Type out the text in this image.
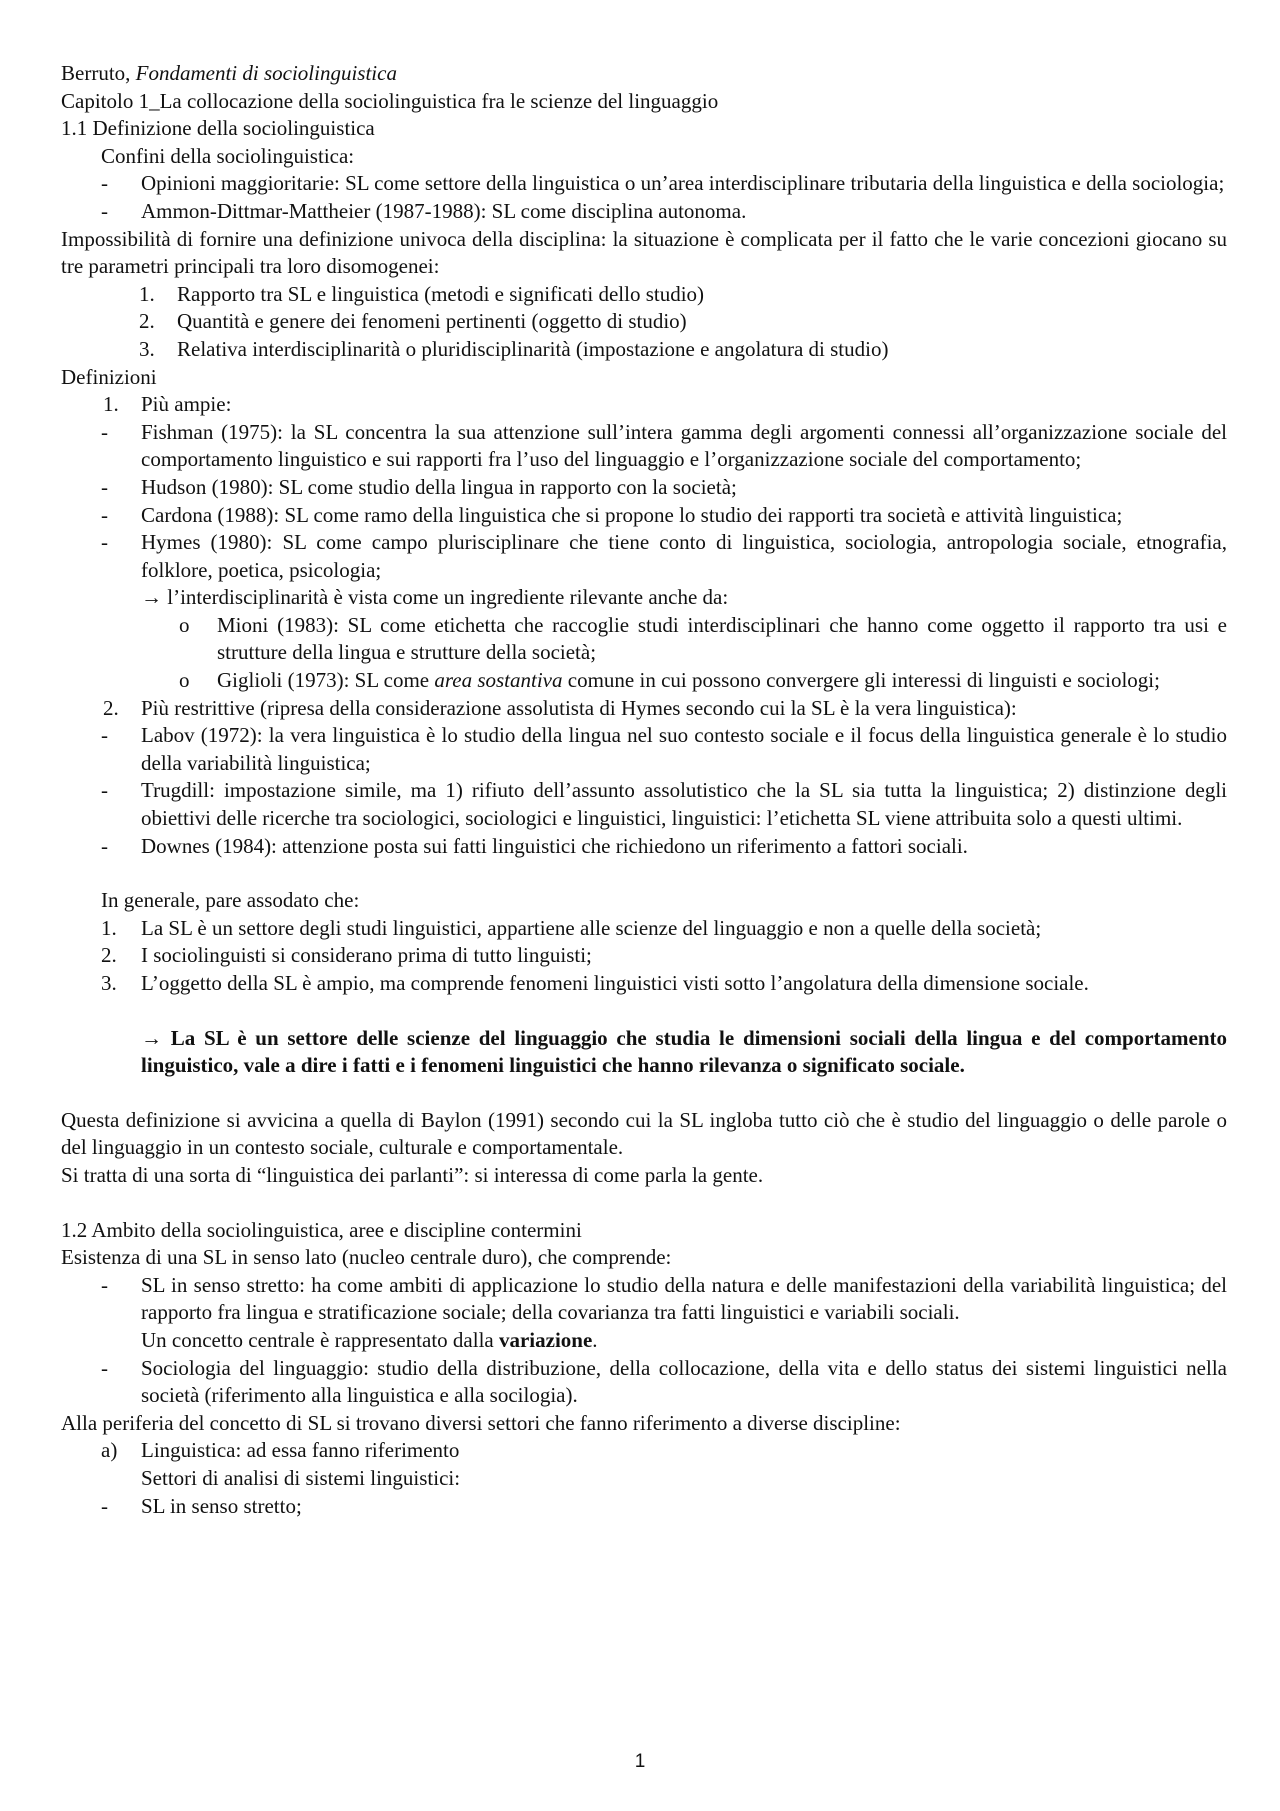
Berruto, Fondamenti di sociolinguistica

Capitolo 1_La collocazione della sociolinguistica fra le scienze del linguaggio

1.1 Definizione della sociolinguistica

Confini della sociolinguistica:

-	Opinioni maggioritarie: SL come settore della linguistica o un’area interdisciplinare tributaria della linguistica e della sociologia;
-	Ammon-Dittmar-Mattheier (1987-1988): SL come disciplina autonoma.

Impossibilità di fornire una definizione univoca della disciplina: la situazione è complicata per il fatto che le varie concezioni giocano su tre parametri principali tra loro disomogenei:

1.	Rapporto tra SL e linguistica (metodi e significati dello studio)
2.	Quantità e genere dei fenomeni pertinenti (oggetto di studio)
3.	Relativa interdisciplinarità o pluridisciplinarità (impostazione e angolatura di studio)

Definizioni

1.	Più ampie:
-	Fishman (1975): la SL concentra la sua attenzione sull’intera gamma degli argomenti connessi all’organizzazione sociale del comportamento linguistico e sui rapporti fra l’uso del linguaggio e l’organizzazione sociale del comportamento;
-	Hudson (1980): SL come studio della lingua in rapporto con la società;
-	Cardona (1988): SL come ramo della linguistica che si propone lo studio dei rapporti tra società e attività linguistica;
-	Hymes (1980): SL come campo plurisciplinare che tiene conto di linguistica, sociologia, antropologia sociale, etnografia, folklore, poetica, psicologia;

→ l’interdisciplinarità è vista come un ingrediente rilevante anche da:

o	Mioni (1983): SL come etichetta che raccoglie studi interdisciplinari che hanno come oggetto il rapporto tra usi e strutture della lingua e strutture della società;
o	Giglioli (1973): SL come area sostantiva comune in cui possono convergere gli interessi di linguisti e sociologi;
2.	Più restrittive (ripresa della considerazione assolutista di Hymes secondo cui la SL è la vera linguistica):
-	Labov (1972): la vera linguistica è lo studio della lingua nel suo contesto sociale e il focus della linguistica generale è lo studio della variabilità linguistica;
-	Trugdill: impostazione simile, ma 1) rifiuto dell’assunto assolutistico che la SL sia tutta la linguistica; 2) distinzione degli obiettivi delle ricerche tra sociologici, sociologici e linguistici, linguistici: l’etichetta SL viene attribuita solo a questi ultimi.
-	Downes (1984): attenzione posta sui fatti linguistici che richiedono un riferimento a fattori sociali.

In generale, pare assodato che:

1.	La SL è un settore degli studi linguistici, appartiene alle scienze del linguaggio e non a quelle della società;
2.	I sociolinguisti si considerano prima di tutto linguisti;
3.	L’oggetto della SL è ampio, ma comprende fenomeni linguistici visti sotto l’angolatura della dimensione sociale.

→ La SL è un settore delle scienze del linguaggio che studia le dimensioni sociali della lingua e del comportamento linguistico, vale a dire i fatti e i fenomeni linguistici che hanno rilevanza o significato sociale.

Questa definizione si avvicina a quella di Baylon (1991) secondo cui la SL ingloba tutto ciò che è studio del linguaggio o delle parole o del linguaggio in un contesto sociale, culturale e comportamentale.

Si tratta di una sorta di “linguistica dei parlanti”: si interessa di come parla la gente.

1.2 Ambito della sociolinguistica, aree e discipline contermini

Esistenza di una SL in senso lato (nucleo centrale duro), che comprende:

-	SL in senso stretto: ha come ambiti di applicazione lo studio della natura e delle manifestazioni della variabilità linguistica; del rapporto fra lingua e stratificazione sociale; della covarianza tra fatti linguistici e variabili sociali.
Un concetto centrale è rappresentato dalla variazione.
-	Sociologia del linguaggio: studio della distribuzione, della collocazione, della vita e dello status dei sistemi linguistici nella società (riferimento alla linguistica e alla socilogia).

Alla periferia del concetto di SL si trovano diversi settori che fanno riferimento a diverse discipline:

a)	Linguistica: ad essa fanno riferimento

Settori di analisi di sistemi linguistici:

-	SL in senso stretto;
1
